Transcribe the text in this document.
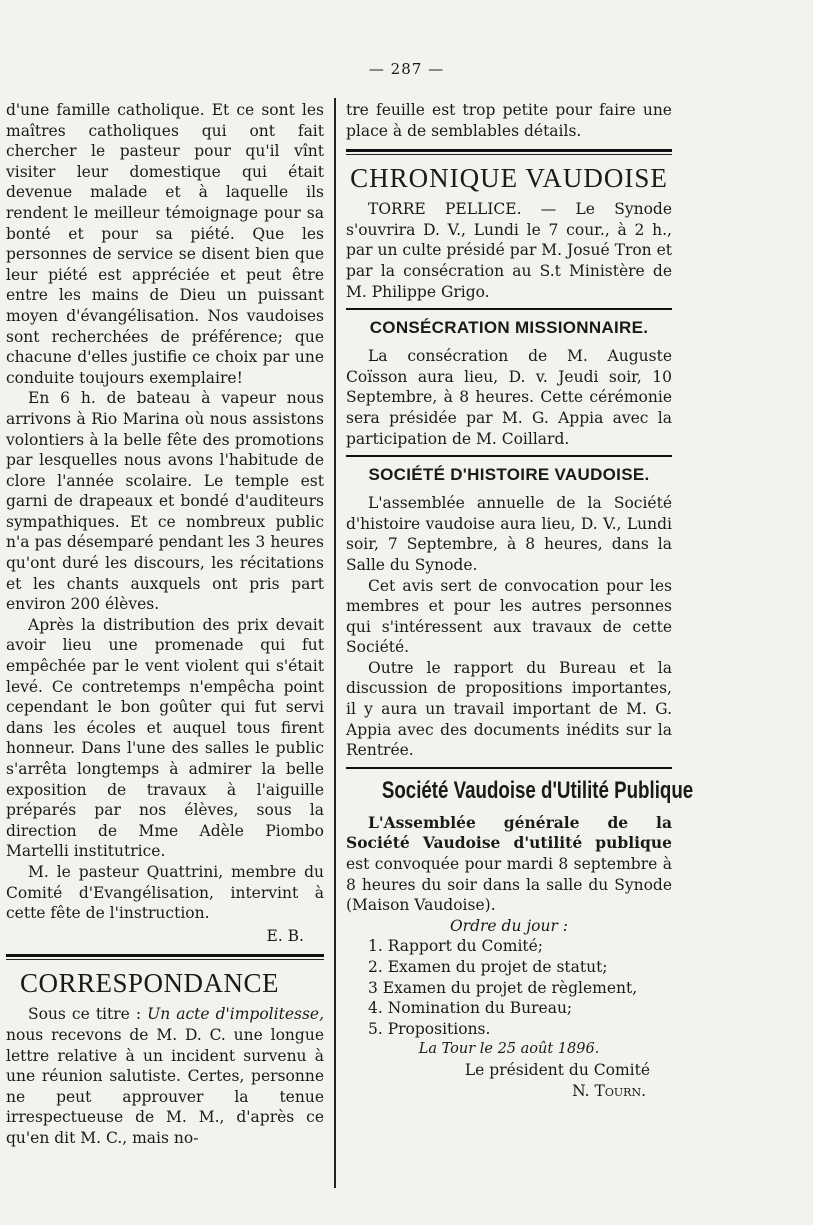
— 287 —

d'une famille catholique. Et ce sont les maîtres catholiques qui ont fait chercher le pasteur pour qu'il vînt visiter leur domestique qui était devenue malade et à laquelle ils rendent le meilleur témoignage pour sa bonté et pour sa piété. Que les personnes de service se disent bien que leur piété est appréciée et peut être entre les mains de Dieu un puissant moyen d'évangélisation. Nos vaudoises sont recherchées de préférence; que chacune d'elles justifie ce choix par une conduite toujours exemplaire!

En 6 h. de bateau à vapeur nous arrivons à Rio Marina où nous assistons volontiers à la belle fête des promotions par lesquelles nous avons l'habitude de clore l'année scolaire. Le temple est garni de drapeaux et bondé d'auditeurs sympathiques. Et ce nombreux public n'a pas désemparé pendant les 3 heures qu'ont duré les discours, les récitations et les chants auxquels ont pris part environ 200 élèves.

Après la distribution des prix devait avoir lieu une promenade qui fut empêchée par le vent violent qui s'était levé. Ce contretemps n'empêcha point cependant le bon goûter qui fut servi dans les écoles et auquel tous firent honneur. Dans l'une des salles le public s'arrêta longtemps à admirer la belle exposition de travaux à l'aiguille préparés par nos élèves, sous la direction de Mme Adèle Piombo Martelli institutrice.

M. le pasteur Quattrini, membre du Comité d'Evangélisation, intervint à cette fête de l'instruction.

E. B.

CORRESPONDANCE

Sous ce titre : Un acte d'impolitesse, nous recevons de M. D. C. une longue lettre relative à un incident survenu à une réunion salutiste. Certes, personne ne peut approuver la tenue irrespectueuse de M. M., d'après ce qu'en dit M. C., mais no-

tre feuille est trop petite pour faire une place à de semblables détails.

CHRONIQUE VAUDOISE

TORRE PELLICE. — Le Synode s'ouvrira D. V., Lundi le 7 cour., à 2 h., par un culte présidé par M. Josué Tron et par la consécration au S.t Ministère de M. Philippe Grigo.

CONSÉCRATION MISSIONNAIRE.

La consécration de M. Auguste Coïsson aura lieu, D. v. Jeudi soir, 10 Septembre, à 8 heures. Cette cérémonie sera présidée par M. G. Appia avec la participation de M. Coillard.

SOCIÉTÉ D'HISTOIRE VAUDOISE.

L'assemblée annuelle de la Société d'histoire vaudoise aura lieu, D. V., Lundi soir, 7 Septembre, à 8 heures, dans la Salle du Synode.

Cet avis sert de convocation pour les membres et pour les autres personnes qui s'intéressent aux travaux de cette Société.

Outre le rapport du Bureau et la discussion de propositions importantes, il y aura un travail important de M. G. Appia avec des documents inédits sur la Rentrée.

Société Vaudoise d'Utilité Publique

L'Assemblée générale de la Société Vaudoise d'utilité publique est convoquée pour mardi 8 septembre à 8 heures du soir dans la salle du Synode (Maison Vaudoise).

Ordre du jour :

1. Rapport du Comité;

2. Examen du projet de statut;

3 Examen du projet de règlement,

4. Nomination du Bureau;

5. Propositions.

La Tour le 25 août 1896.

Le président du Comité

N. Tourn.
